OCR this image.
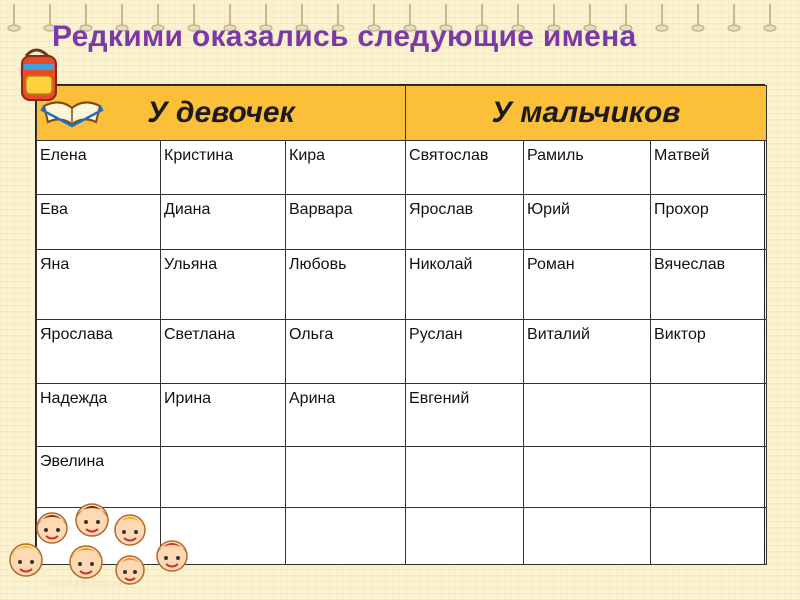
Редкими оказались следующие имена
У девочек			У мальчиков		
Елена	Кристина	Кира	Святослав	Рамиль	Матвей
Ева	Диана	Варвара	Ярослав	Юрий	Прохор
Яна	Ульяна	Любовь	Николай	Роман	Вячеслав
Ярослава	Светлана	Ольга	Руслан	Виталий	Виктор
Надежда	Ирина	Арина	Евгений		
Эвелина					

http://aida.ucoz.ru
